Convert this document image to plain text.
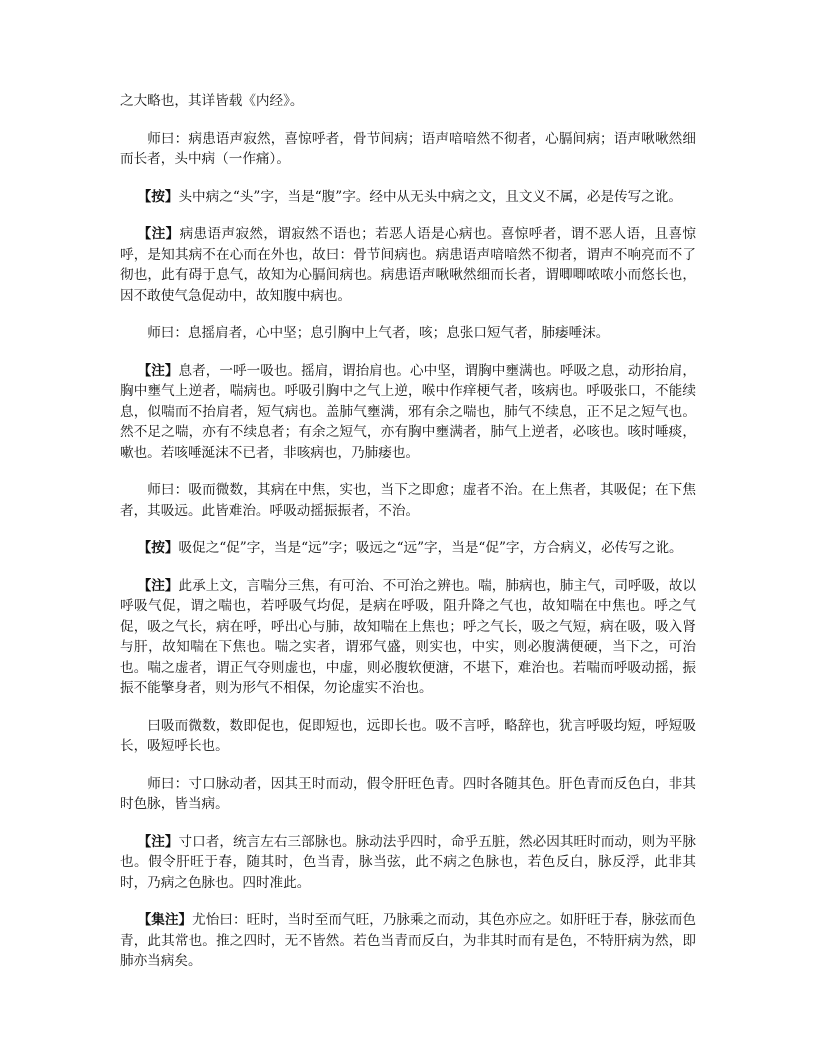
之大略也，其详皆载《内经》。

师曰：病患语声寂然，喜惊呼者，骨节间病；语声喑喑然不彻者，心膈间病；语声啾啾然细而长者，头中病（一作痛）。

【按】头中病之“头”字，当是“腹”字。经中从无头中病之文，且文义不属，必是传写之讹。

【注】病患语声寂然，谓寂然不语也；若恶人语是心病也。喜惊呼者，谓不恶人语，且喜惊呼，是知其病不在心而在外也，故曰：骨节间病也。病患语声喑喑然不彻者，谓声不响亮而不了彻也，此有碍于息气，故知为心膈间病也。病患语声啾啾然细而长者，谓唧唧哝哝小而悠长也，因不敢使气急促动中，故知腹中病也。

师曰：息摇肩者，心中坚；息引胸中上气者，咳；息张口短气者，肺痿唾沫。

【注】息者，一呼一吸也。摇肩，谓抬肩也。心中坚，谓胸中壅满也。呼吸之息，动形抬肩，胸中壅气上逆者，喘病也。呼吸引胸中之气上逆，喉中作痒梗气者，咳病也。呼吸张口，不能续息，似喘而不抬肩者，短气病也。盖肺气壅满，邪有余之喘也，肺气不续息，正不足之短气也。然不足之喘，亦有不续息者；有余之短气，亦有胸中壅满者，肺气上逆者，必咳也。咳时唾痰，嗽也。若咳唾涎沫不已者，非咳病也，乃肺痿也。

师曰：吸而微数，其病在中焦，实也，当下之即愈；虚者不治。在上焦者，其吸促；在下焦者，其吸远。此皆难治。呼吸动摇振振者，不治。

【按】吸促之“促”字，当是“远”字；吸远之“远”字，当是“促”字，方合病义，必传写之讹。

【注】此承上文，言喘分三焦，有可治、不可治之辨也。喘，肺病也，肺主气，司呼吸，故以呼吸气促，谓之喘也，若呼吸气均促，是病在呼吸，阻升降之气也，故知喘在中焦也。呼之气促，吸之气长，病在呼，呼出心与肺，故知喘在上焦也；呼之气长，吸之气短，病在吸，吸入肾与肝，故知喘在下焦也。喘之实者，谓邪气盛，则实也，中实，则必腹满便硬，当下之，可治也。喘之虚者，谓正气夺则虚也，中虚，则必腹软便溏，不堪下，难治也。若喘而呼吸动摇，振振不能擎身者，则为形气不相保，勿论虚实不治也。

曰吸而微数，数即促也，促即短也，远即长也。吸不言呼，略辞也，犹言呼吸均短，呼短吸长，吸短呼长也。

师曰：寸口脉动者，因其王时而动，假令肝旺色青。四时各随其色。肝色青而反色白，非其时色脉，皆当病。

【注】寸口者，统言左右三部脉也。脉动法乎四时，命乎五脏，然必因其旺时而动，则为平脉也。假令肝旺于春，随其时，色当青，脉当弦，此不病之色脉也，若色反白，脉反浮，此非其时，乃病之色脉也。四时准此。

【集注】尤怡曰：旺时，当时至而气旺，乃脉乘之而动，其色亦应之。如肝旺于春，脉弦而色青，此其常也。推之四时，无不皆然。若色当青而反白，为非其时而有是色，不特肝病为然，即肺亦当病矣。
